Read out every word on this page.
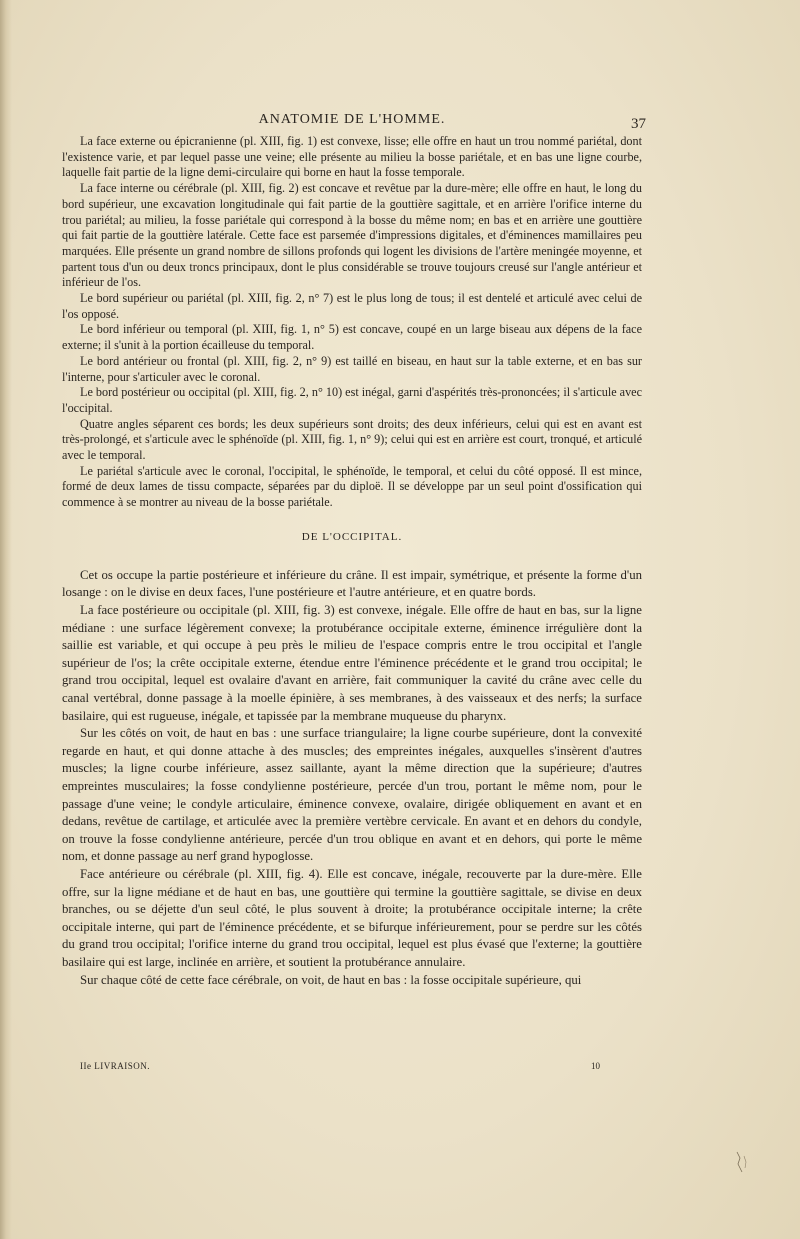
ANATOMIE DE L'HOMME.	37

La face externe ou épicranienne (pl. XIII, fig. 1) est convexe, lisse; elle offre en haut un trou nommé pariétal, dont l'existence varie, et par lequel passe une veine; elle présente au milieu la bosse pariétale, et en bas une ligne courbe, laquelle fait partie de la ligne demi-circulaire qui borne en haut la fosse temporale.

La face interne ou cérébrale (pl. XIII, fig. 2) est concave et revêtue par la dure-mère; elle offre en haut, le long du bord supérieur, une excavation longitudinale qui fait partie de la gouttière sagittale, et en arrière l'orifice interne du trou pariétal; au milieu, la fosse pariétale qui correspond à la bosse du même nom; en bas et en arrière une gouttière qui fait partie de la gouttière latérale. Cette face est parsemée d'impressions digitales, et d'éminences mamillaires peu marquées. Elle présente un grand nombre de sillons profonds qui logent les divisions de l'artère meningée moyenne, et partent tous d'un ou deux troncs principaux, dont le plus considérable se trouve toujours creusé sur l'angle antérieur et inférieur de l'os.

Le bord supérieur ou pariétal (pl. XIII, fig. 2, n° 7) est le plus long de tous; il est dentelé et articulé avec celui de l'os opposé.

Le bord inférieur ou temporal (pl. XIII, fig. 1, n° 5) est concave, coupé en un large biseau aux dépens de la face externe; il s'unit à la portion écailleuse du temporal.

Le bord antérieur ou frontal (pl. XIII, fig. 2, n° 9) est taillé en biseau, en haut sur la table externe, et en bas sur l'interne, pour s'articuler avec le coronal.

Le bord postérieur ou occipital (pl. XIII, fig. 2, n° 10) est inégal, garni d'aspérités très-prononcées; il s'articule avec l'occipital.

Quatre angles séparent ces bords; les deux supérieurs sont droits; des deux inférieurs, celui qui est en avant est très-prolongé, et s'articule avec le sphénoïde (pl. XIII, fig. 1, n° 9); celui qui est en arrière est court, tronqué, et articulé avec le temporal.

Le pariétal s'articule avec le coronal, l'occipital, le sphénoïde, le temporal, et celui du côté opposé. Il est mince, formé de deux lames de tissu compacte, séparées par du diploë. Il se développe par un seul point d'ossification qui commence à se montrer au niveau de la bosse pariétale.

DE L'OCCIPITAL.

Cet os occupe la partie postérieure et inférieure du crâne. Il est impair, symétrique, et présente la forme d'un losange : on le divise en deux faces, l'une postérieure et l'autre antérieure, et en quatre bords.

La face postérieure ou occipitale (pl. XIII, fig. 3) est convexe, inégale. Elle offre de haut en bas, sur la ligne médiane : une surface légèrement convexe; la protubérance occipitale externe, éminence irrégulière dont la saillie est variable, et qui occupe à peu près le milieu de l'espace compris entre le trou occipital et l'angle supérieur de l'os; la crête occipitale externe, étendue entre l'éminence précédente et le grand trou occipital; le grand trou occipital, lequel est ovalaire d'avant en arrière, fait communiquer la cavité du crâne avec celle du canal vertébral, donne passage à la moelle épinière, à ses membranes, à des vaisseaux et des nerfs; la surface basilaire, qui est rugueuse, inégale, et tapissée par la membrane muqueuse du pharynx.

Sur les côtés on voit, de haut en bas : une surface triangulaire; la ligne courbe supérieure, dont la convexité regarde en haut, et qui donne attache à des muscles; des empreintes inégales, auxquelles s'insèrent d'autres muscles; la ligne courbe inférieure, assez saillante, ayant la même direction que la supérieure; d'autres empreintes musculaires; la fosse condylienne postérieure, percée d'un trou, portant le même nom, pour le passage d'une veine; le condyle articulaire, éminence convexe, ovalaire, dirigée obliquement en avant et en dedans, revêtue de cartilage, et articulée avec la première vertèbre cervicale. En avant et en dehors du condyle, on trouve la fosse condylienne antérieure, percée d'un trou oblique en avant et en dehors, qui porte le même nom, et donne passage au nerf grand hypoglosse.

Face antérieure ou cérébrale (pl. XIII, fig. 4). Elle est concave, inégale, recouverte par la dure-mère. Elle offre, sur la ligne médiane et de haut en bas, une gouttière qui termine la gouttière sagittale, se divise en deux branches, ou se déjette d'un seul côté, le plus souvent à droite; la protubérance occipitale interne; la crête occipitale interne, qui part de l'éminence précédente, et se bifurque inférieurement, pour se perdre sur les côtés du grand trou occipital; l'orifice interne du grand trou occipital, lequel est plus évasé que l'externe; la gouttière basilaire qui est large, inclinée en arrière, et soutient la protubérance annulaire.

Sur chaque côté de cette face cérébrale, on voit, de haut en bas : la fosse occipitale supérieure, qui

IIe LIVRAISON.	10
